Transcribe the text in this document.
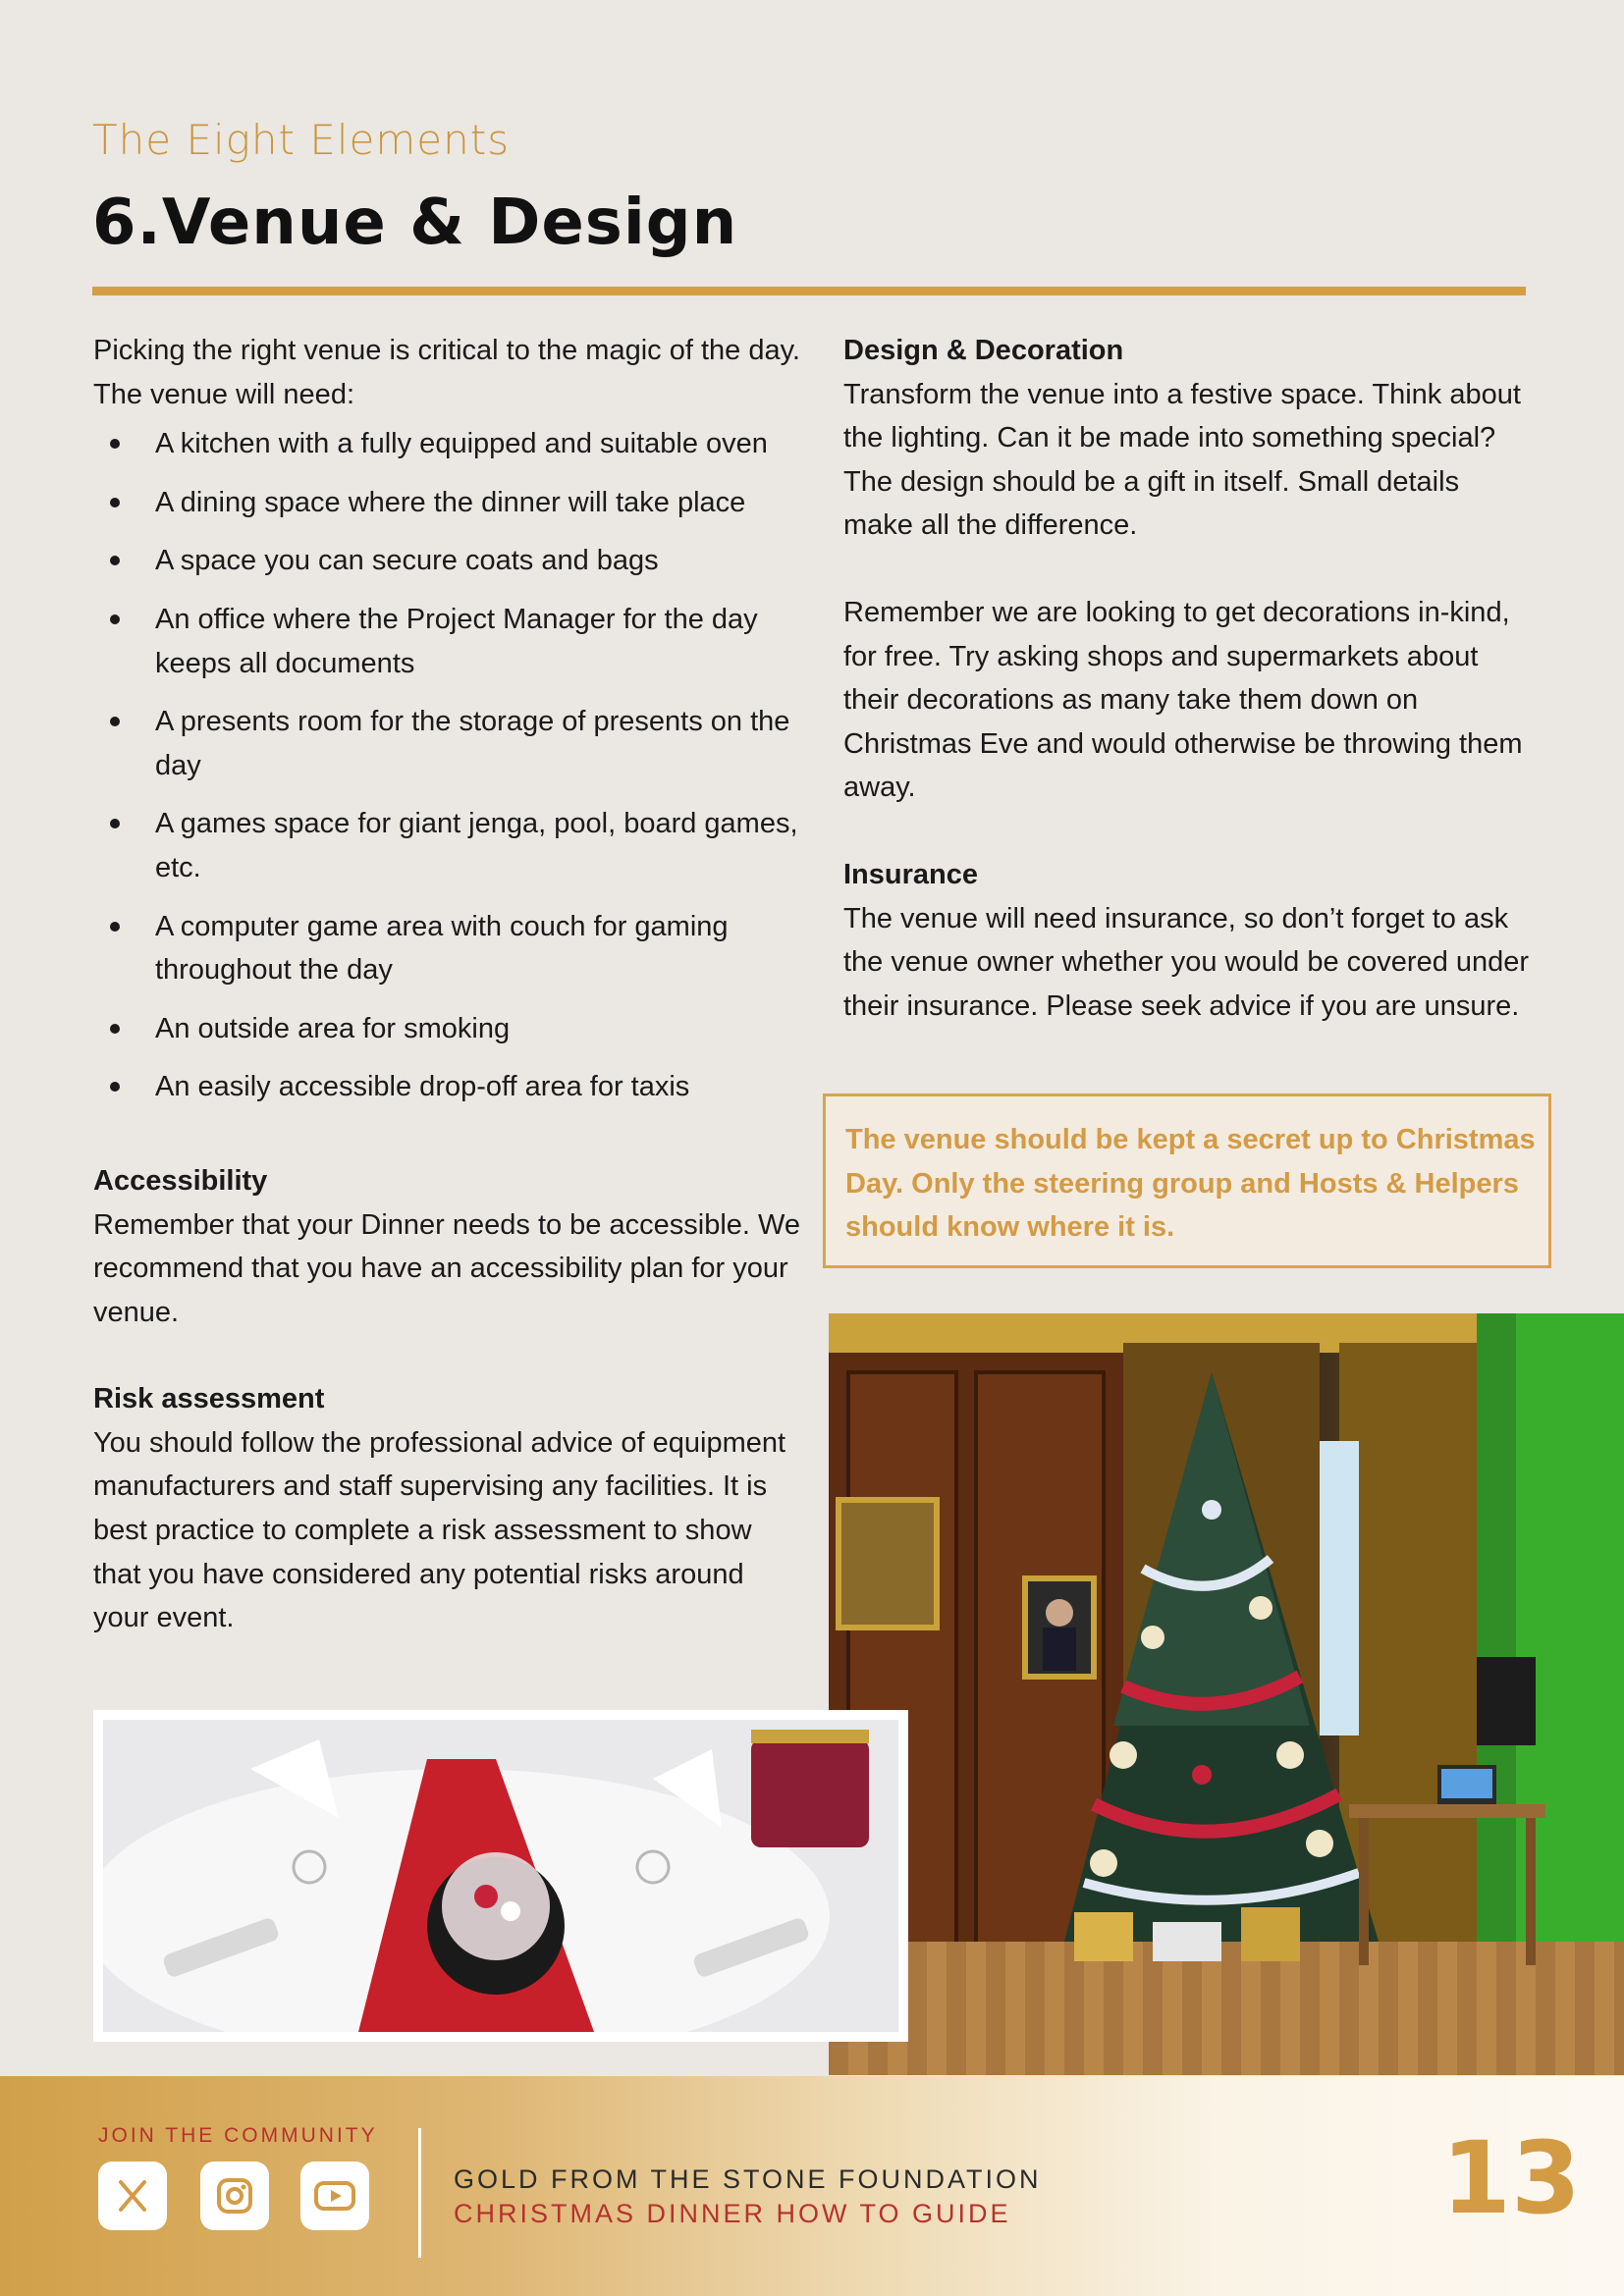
The Eight Elements
6.Venue & Design

Picking the right venue is critical to the magic of the day. The venue will need:

A kitchen with a fully equipped and suitable oven
A dining space where the dinner will take place
A space you can secure coats and bags
An office where the Project Manager for the day keeps all documents
A presents room for the storage of presents on the day
A games space for giant jenga, pool, board games, etc.
A computer game area with couch for gaming throughout the day
An outside area for smoking
An easily accessible drop-off area for taxis
Accessibility

Remember that your Dinner needs to be accessible. We recommend that you have an accessibility plan for your venue.

Risk assessment

You should follow the professional advice of equipment manufacturers and staff supervising any facilities. It is best practice to complete a risk assessment to show that you have considered any potential risks around your event.

Design & Decoration

Transform the venue into a festive space. Think about the lighting. Can it be made into something special? The design should be a gift in itself. Small details make all the difference.

Remember we are looking to get decorations in-kind, for free. Try asking shops and supermarkets about their decorations as many take them down on Christmas Eve and would otherwise be throwing them away.

Insurance

The venue will need insurance, so don’t forget to ask the venue owner whether you would be covered under their insurance. Please seek advice if you are unsure.

The venue should be kept a secret up to Christmas Day. Only the steering group and Hosts & Helpers should know where it is.
JOIN THE COMMUNITY
GOLD FROM THE STONE FOUNDATION
CHRISTMAS DINNER HOW TO GUIDE	13
